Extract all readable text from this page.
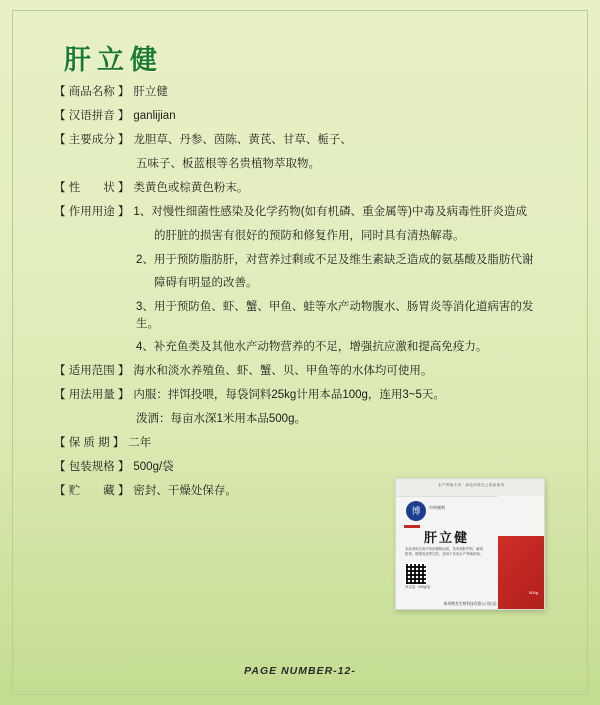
肝立健
【 商品名称 】 肝立健
【 汉语拼音 】 ganlijian
【 主要成分 】 龙胆草、丹参、茵陈、黄芪、甘草、栀子、
五味子、板蓝根等名贵植物萃取物。
【 性　　状 】 类黄色或棕黄色粉末。
【 作用用途 】 1、对慢性细菌性感染及化学药物(如有机磷、重金属等)中毒及病毒性肝炎造成
的肝脏的损害有很好的预防和修复作用，同时具有清热解毒。
2、用于预防脂肪肝，对营养过剩或不足及维生素缺乏造成的氨基酸及脂肪代谢
障碍有明显的改善。
3、用于预防鱼、虾、蟹、甲鱼、蛙等水产动物腹水、肠胃炎等消化道病害的发生。
4、补充鱼类及其他水产动物营养的不足，增强抗应激和提高免疫力。
【 适用范围 】 海水和淡水养殖鱼、虾、蟹、贝、甲鱼等的水体均可使用。
【 用法用量 】 内服：拌饵投喂，每袋饲料25kg计用本品100g，连用3~5天。
泼洒：每亩水深1米用本品500g。
【 保 质 期 】 二年
【 包装规格 】 500g/袋
【 贮　　藏 】 密封、干燥处保存。	水产养殖专用 · 绿色环保无公害添加剂
博	中药制剂
肝立健
本品采用名贵中草药精制而成，具有保肝护胆、解毒排毒、增强免疫等功效，适用于各类水产养殖动物。
净含量：500g/袋
500g
郑州博龙生物科技有限公司出品
PAGE NUMBER-12-
